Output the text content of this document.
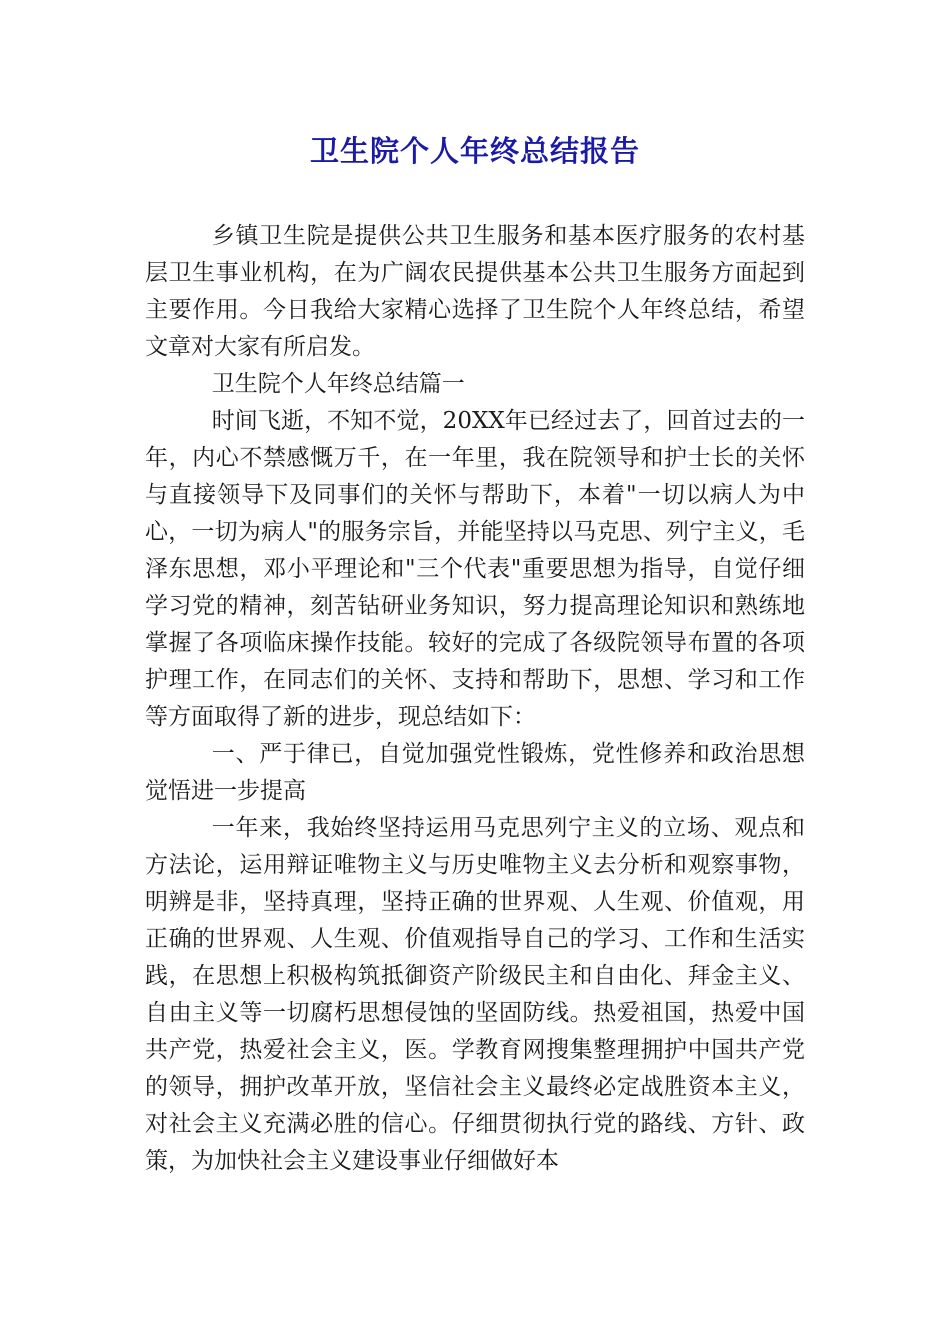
卫生院个人年终总结报告

乡镇卫生院是提供公共卫生服务和基本医疗服务的农村基层卫生事业机构，在为广阔农民提供基本公共卫生服务方面起到主要作用。今日我给大家精心选择了卫生院个人年终总结，希望文章对大家有所启发。

卫生院个人年终总结篇一

时间飞逝，不知不觉，20XX年已经过去了，回首过去的一年，内心不禁感慨万千，在一年里，我在院领导和护士长的关怀与直接领导下及同事们的关怀与帮助下，本着"一切以病人为中心，一切为病人"的服务宗旨，并能坚持以马克思、列宁主义，毛泽东思想，邓小平理论和"三个代表"重要思想为指导，自觉仔细学习党的精神，刻苦钻研业务知识，努力提高理论知识和熟练地掌握了各项临床操作技能。较好的完成了各级院领导布置的各项护理工作，在同志们的关怀、支持和帮助下，思想、学习和工作等方面取得了新的进步，现总结如下：

一、严于律已，自觉加强党性锻炼，党性修养和政治思想觉悟进一步提高

一年来，我始终坚持运用马克思列宁主义的立场、观点和方法论，运用辩证唯物主义与历史唯物主义去分析和观察事物，明辨是非，坚持真理，坚持正确的世界观、人生观、价值观，用正确的世界观、人生观、价值观指导自己的学习、工作和生活实践，在思想上积极构筑抵御资产阶级民主和自由化、拜金主义、自由主义等一切腐朽思想侵蚀的坚固防线。热爱祖国，热爱中国共产党，热爱社会主义，医。学教育网搜集整理拥护中国共产党的领导，拥护改革开放，坚信社会主义最终必定战胜资本主义，对社会主义充满必胜的信心。仔细贯彻执行党的路线、方针、政策，为加快社会主义建设事业仔细做好本
